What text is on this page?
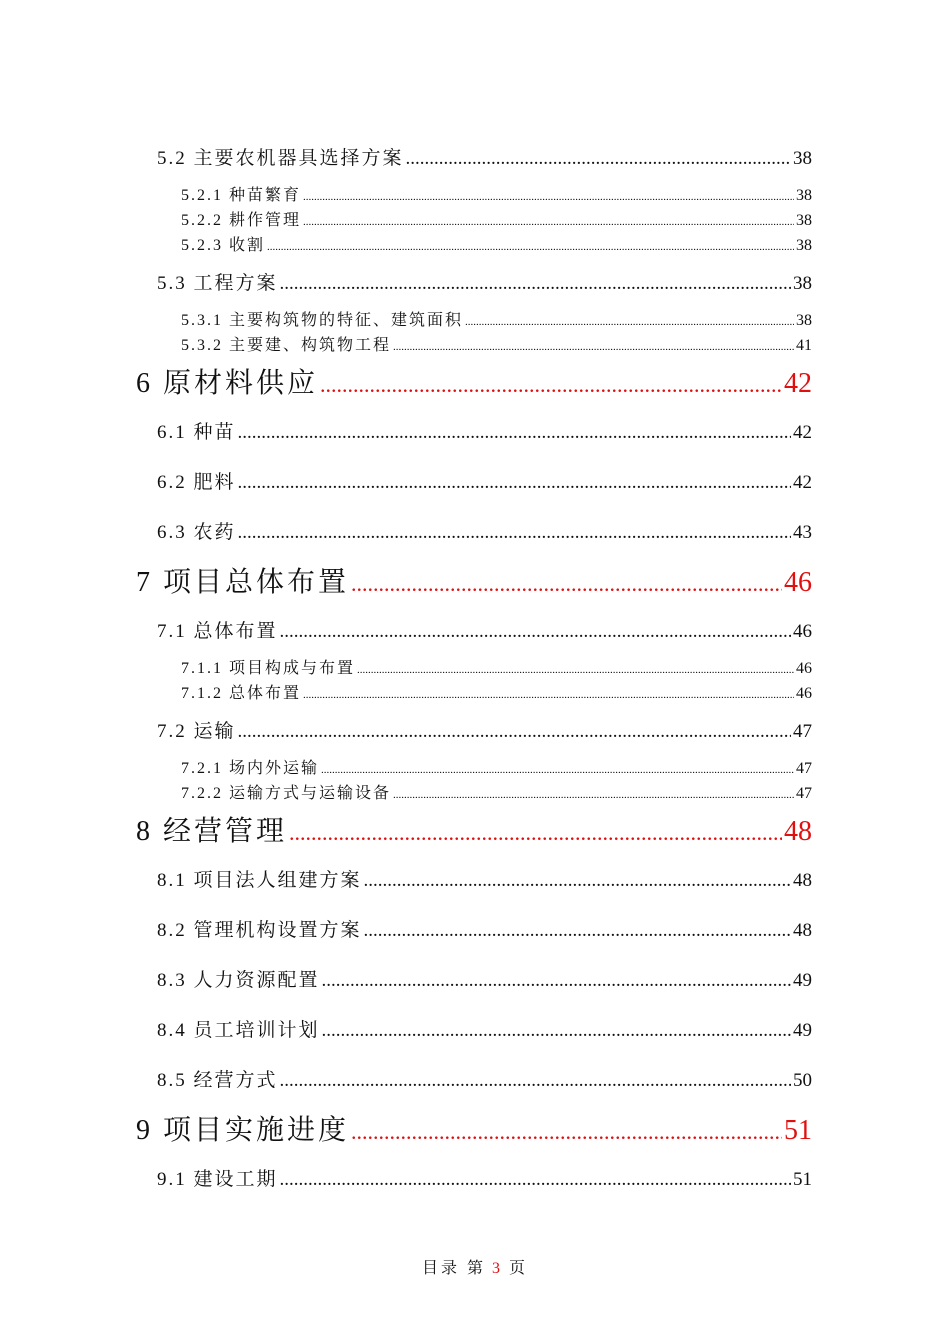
5.2 主要农机器具选择方案 .....	38
5.2.1 种苗繁育 .....	38
5.2.2 耕作管理 .....	38
5.2.3 收割 .....	38
5.3 工程方案 .....	38
5.3.1 主要构筑物的特征、建筑面积 .....	38
5.3.2 主要建、构筑物工程 .....	41
6 原材料供应 .....	42
6.1 种苗 .....	42
6.2 肥料 .....	42
6.3 农药 .....	43
7 项目总体布置 .....	46
7.1 总体布置 .....	46
7.1.1 项目构成与布置 .....	46
7.1.2 总体布置 .....	46
7.2 运输 .....	47
7.2.1 场内外运输 .....	47
7.2.2 运输方式与运输设备 .....	47
8 经营管理 .....	48
8.1 项目法人组建方案 .....	48
8.2 管理机构设置方案 .....	48
8.3 人力资源配置 .....	49
8.4 员工培训计划 .....	49
8.5 经营方式 .....	50
9 项目实施进度 .....	51
9.1 建设工期 .....	51
目录 第 3 页
